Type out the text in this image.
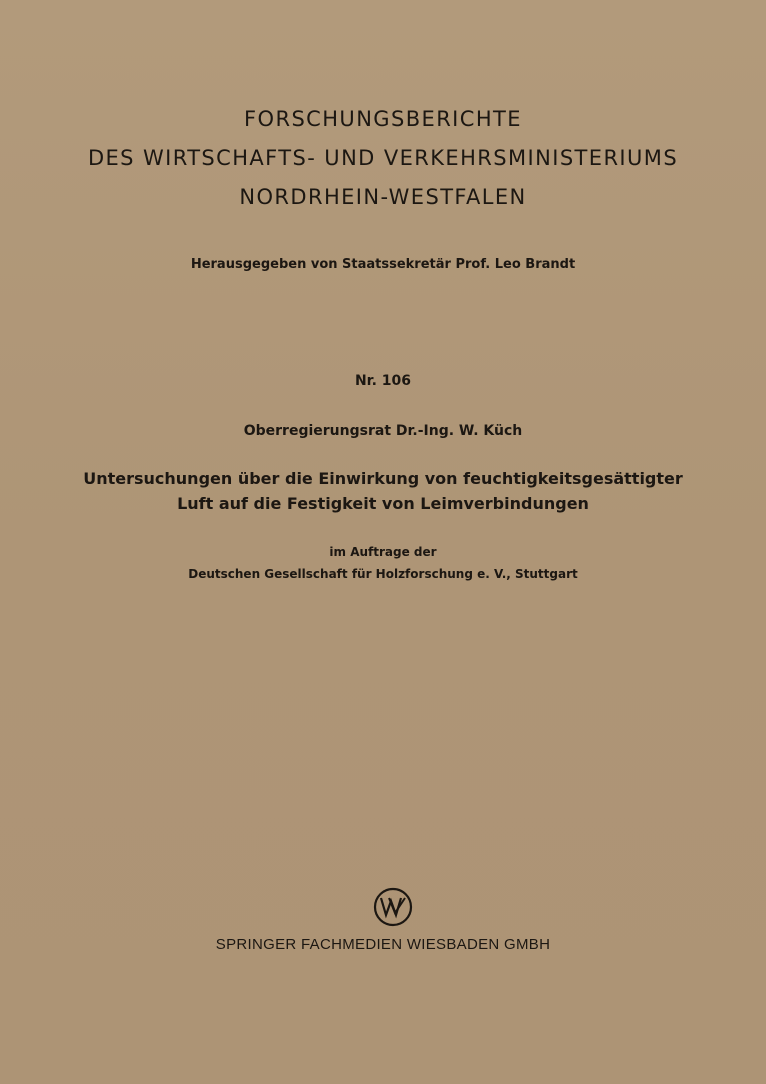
FORSCHUNGSBERICHTE
DES WIRTSCHAFTS- UND VERKEHRSMINISTERIUMS
NORDRHEIN-WESTFALEN
Herausgegeben von Staatssekretär Prof. Leo Brandt
Nr. 106
Oberregierungsrat Dr.-Ing. W. Küch
Untersuchungen über die Einwirkung von feuchtigkeitsgesättigter
Luft auf die Festigkeit von Leimverbindungen
im Auftrage der
Deutschen Gesellschaft für Holzforschung e. V., Stuttgart
SPRINGER FACHMEDIEN WIESBADEN GMBH
